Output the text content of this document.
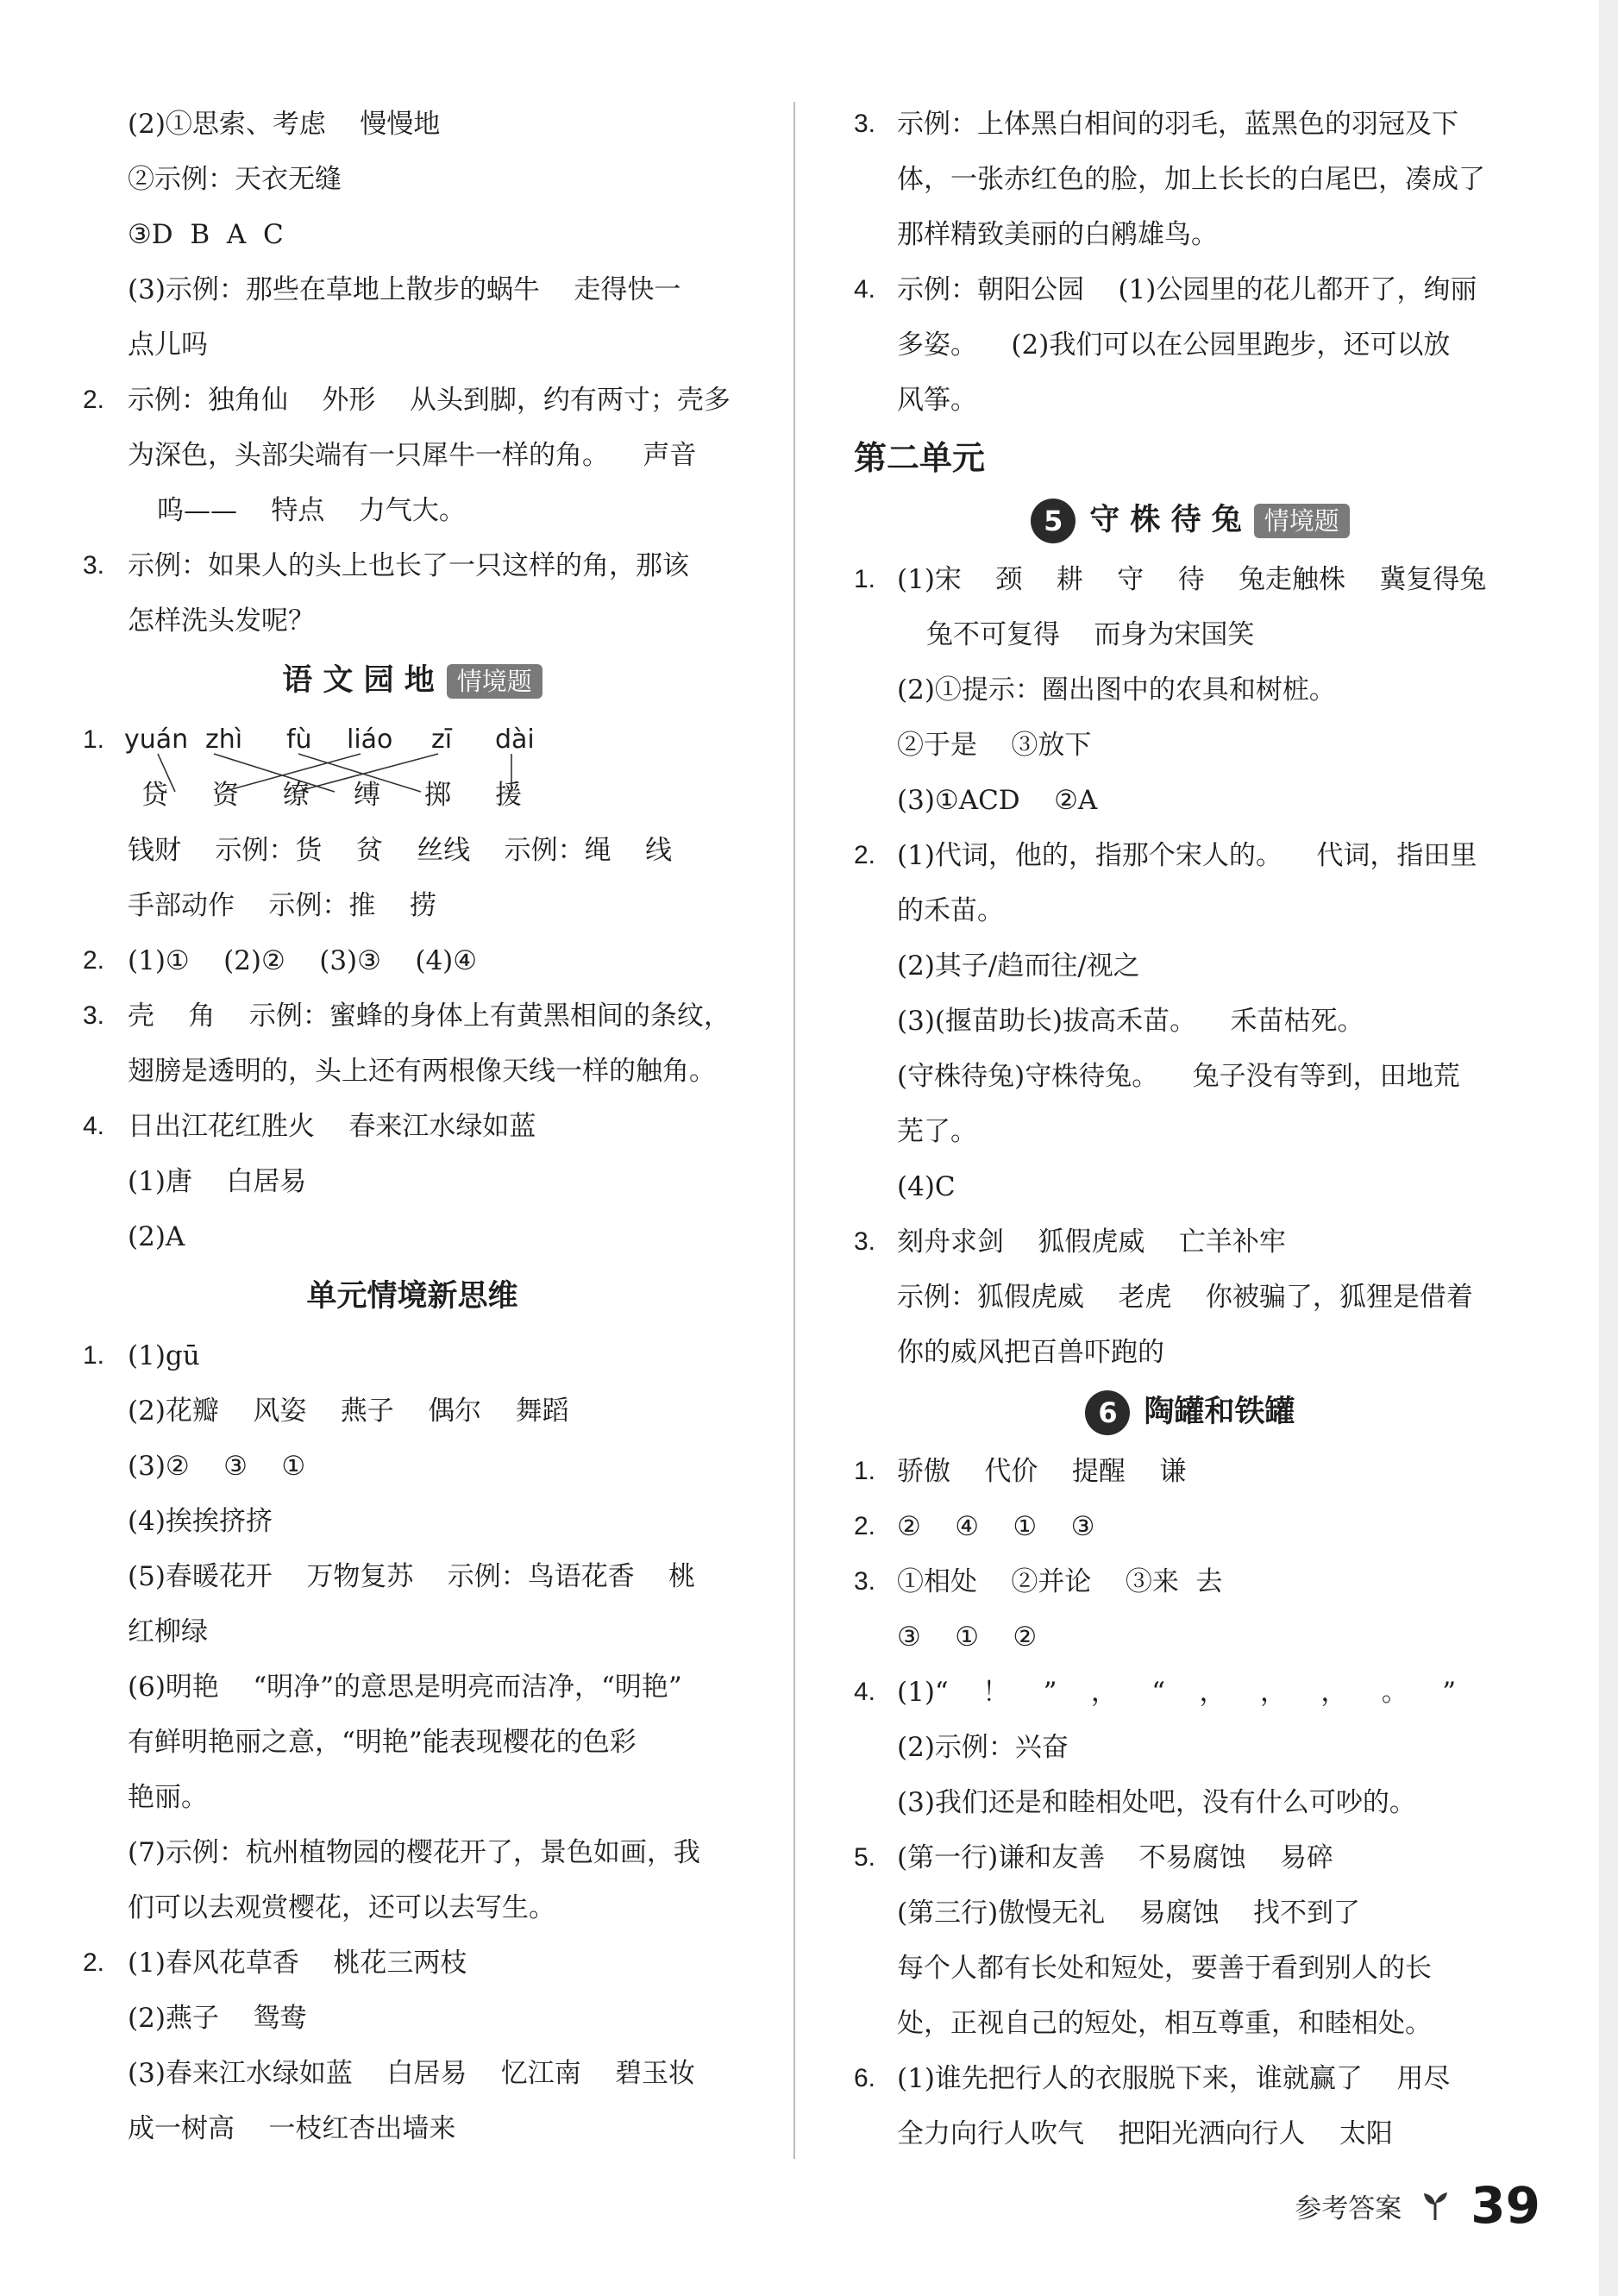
(2)①思索、考虑    慢慢地
②示例：天衣无缝
③D  B  A  C
(3)示例：那些在草地上散步的蜗牛    走得快一
点儿吗
2. 示例：独角仙    外形    从头到脚，约有两寸；壳多
为深色，头部尖端有一只犀牛一样的角。    声音
呜——    特点    力气大。
3. 示例：如果人的头上也长了一只这样的角，那该
怎样洗头发呢？
语 文 园 地 情境题
1. yuán zhì fù liáo zī dài
贷 资 缭 缚 掷 援
钱财    示例：货    贫    丝线    示例：绳    线
手部动作    示例：推    捞
2. (1)①    (2)②    (3)③    (4)④
3. 壳    角    示例：蜜蜂的身体上有黄黑相间的条纹，
翅膀是透明的，头上还有两根像天线一样的触角。
4. 日出江花红胜火    春来江水绿如蓝
(1)唐    白居易
(2)A
单元情境新思维
1. (1)gū
(2)花瓣    风姿    燕子    偶尔    舞蹈
(3)②    ③    ①
(4)挨挨挤挤
(5)春暖花开    万物复苏    示例：鸟语花香    桃
红柳绿
(6)明艳    “明净”的意思是明亮而洁净，“明艳”
有鲜明艳丽之意，“明艳”能表现樱花的色彩
艳丽。
(7)示例：杭州植物园的樱花开了，景色如画，我
们可以去观赏樱花，还可以去写生。
2. (1)春风花草香    桃花三两枝
(2)燕子    鸳鸯
(3)春来江水绿如蓝    白居易    忆江南    碧玉妆
成一树高    一枝红杏出墙来
3. 示例：上体黑白相间的羽毛，蓝黑色的羽冠及下
体，一张赤红色的脸，加上长长的白尾巴，凑成了
那样精致美丽的白鹇雄鸟。
4. 示例：朝阳公园    (1)公园里的花儿都开了，绚丽
多姿。    (2)我们可以在公园里跑步，还可以放
风筝。
第二单元
5 守 株 待 兔 情境题
1. (1)宋    颈    耕    守    待    兔走触株    冀复得兔
兔不可复得    而身为宋国笑
(2)①提示：圈出图中的农具和树桩。
②于是    ③放下
(3)①ACD    ②A
2. (1)代词，他的，指那个宋人的。    代词，指田里
的禾苗。
(2)其子/趋而往/视之
(3)(揠苗助长)拔高禾苗。    禾苗枯死。
(守株待兔)守株待兔。    兔子没有等到，田地荒
芜了。
(4)C
3. 刻舟求剑    狐假虎威    亡羊补牢
示例：狐假虎威    老虎    你被骗了，狐狸是借着
你的威风把百兽吓跑的
6 陶罐和铁罐
1. 骄傲    代价    提醒    谦
2. ②    ④    ①    ③
3. ①相处    ②并论    ③来  去
③    ①    ②
4. (1)“    ！    ”    ，    “    ，    ，    ，    。    ”
(2)示例：兴奋
(3)我们还是和睦相处吧，没有什么可吵的。
5. (第一行)谦和友善    不易腐蚀    易碎
(第三行)傲慢无礼    易腐蚀    找不到了
每个人都有长处和短处，要善于看到别人的长
处，正视自己的短处，相互尊重，和睦相处。
6. (1)谁先把行人的衣服脱下来，谁就赢了    用尽
全力向行人吹气    把阳光洒向行人    太阳
参考答案 39
